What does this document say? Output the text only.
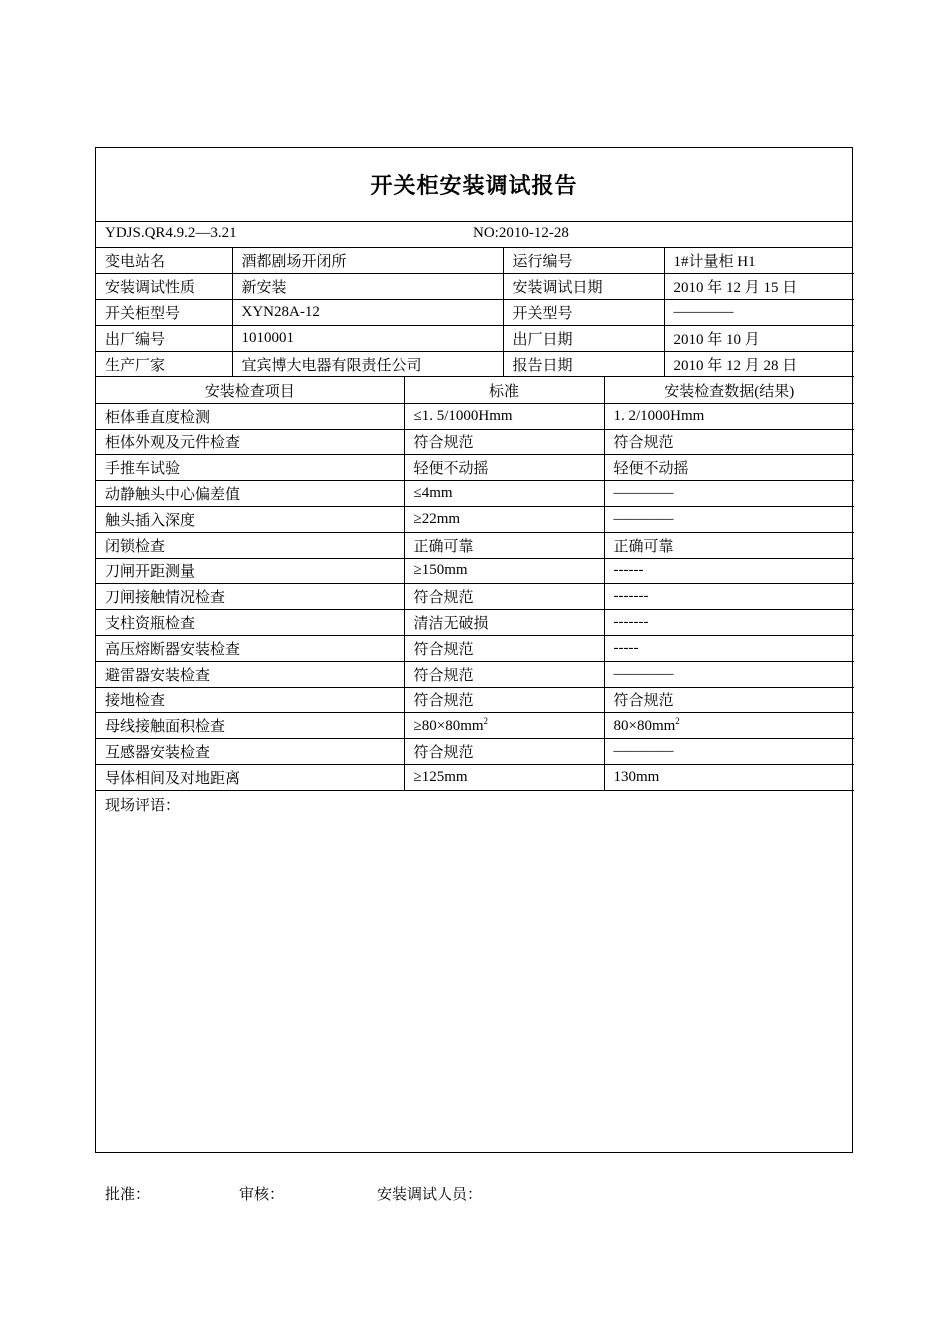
开关柜安装调试报告
YDJS.QR4.9.2—3.21	NO:2010-12-28
变电站名	酒都剧场开闭所	运行编号	1#计量柜 H1
安装调试性质	新安装	安装调试日期	2010 年 12 月 15 日
开关柜型号	XYN28A-12	开关型号	————
出厂编号	1010001	出厂日期	2010 年 10 月
生产厂家	宜宾博大电器有限责任公司	报告日期	2010 年 12 月 28 日
安装检查项目	标准	安装检查数据(结果)
柜体垂直度检测	≤1. 5/1000Hmm	1. 2/1000Hmm
柜体外观及元件检查	符合规范	符合规范
手推车试验	轻便不动摇	轻便不动摇
动静触头中心偏差值	≤4mm	————
触头插入深度	≥22mm	————
闭锁检查	正确可靠	正确可靠
刀闸开距测量	≥150mm	------
刀闸接触情况检查	符合规范	-------
支柱资瓶检查	清洁无破损	-------
高压熔断器安装检查	符合规范	-----
避雷器安装检查	符合规范	————
接地检查	符合规范	符合规范
母线接触面积检查	$\ge 80\times 80mm^2$	$80\times 80mm^2$
互感器安装检查	符合规范	————
导体相间及对地距离	≥125mm	130mm
现场评语：
批准：	审核：	安装调试人员：
